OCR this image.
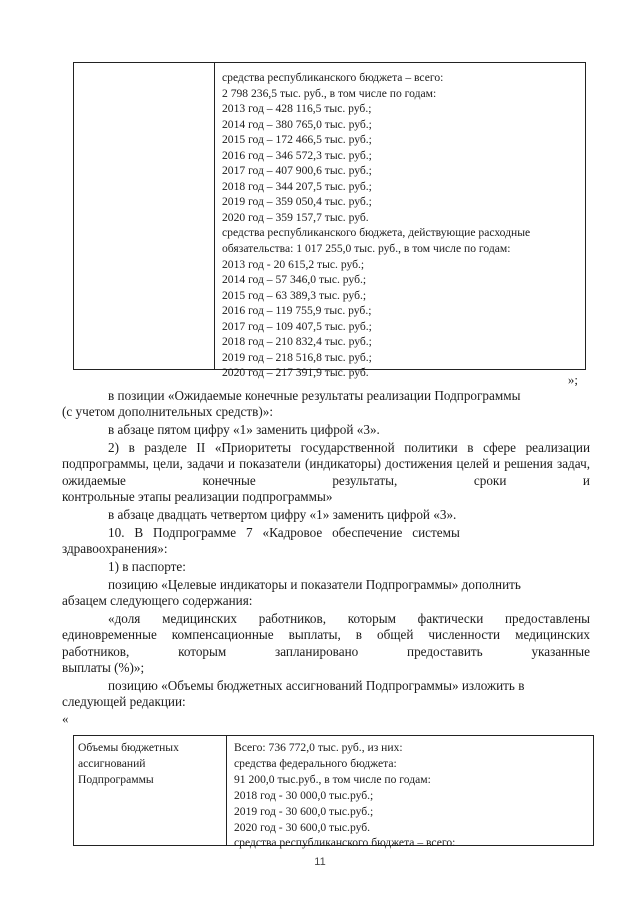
средства республиканского бюджета – всего:
2 798 236,5 тыс. руб., в том числе по годам:
2013 год – 428 116,5 тыс. руб.;
2014 год – 380 765,0 тыс. руб.;
2015 год – 172 466,5 тыс. руб.;
2016 год – 346 572,3 тыс. руб.;
2017 год – 407 900,6 тыс. руб.;
2018 год – 344 207,5 тыс. руб.;
2019 год – 359 050,4 тыс. руб.;
2020 год – 359 157,7 тыс. руб.
средства республиканского бюджета, действующие расходные
обязательства: 1 017 255,0 тыс. руб., в том числе по годам:
2013 год - 20 615,2 тыс. руб.;
2014 год – 57 346,0 тыс. руб.;
2015 год – 63 389,3 тыс. руб.;
2016 год – 119 755,9 тыс. руб.;
2017 год – 109 407,5 тыс. руб.;
2018 год – 210 832,4 тыс. руб.;
2019 год – 218 516,8 тыс. руб.;
2020 год – 217 391,9 тыс. руб.	»;

в позиции «Ожидаемые конечные результаты реализации Подпрограммы
(с учетом дополнительных средств)»:

в абзаце пятом цифру «1» заменить цифрой «3».

2) в разделе II «Приоритеты государственной политики в сфере реализации подпрограммы, цели, задачи и показатели (индикаторы) достижения целей и решения задач, ожидаемые конечные результаты, сроки и

контрольные этапы реализации подпрограммы»

в абзаце двадцать четвертом цифру «1» заменить цифрой «3».

10.   В   Подпрограмме   7   «Кадровое   обеспечение   системы
здравоохранения»:

1) в паспорте:

позицию «Целевые индикаторы и показатели Подпрограммы» дополнить
абзацем следующего содержания:

«доля медицинских работников, которым фактически предоставлены единовременные компенсационные выплаты, в общей численности медицинских работников, которым запланировано предоставить указанные

выплаты (%)»;

позицию «Объемы бюджетных ассигнований Подпрограммы» изложить в
следующей редакции:

«
Объемы бюджетных
ассигнований
Подпрограммы
Всего: 736 772,0 тыс. руб., из них:
средства федерального бюджета:
91 200,0 тыс.руб., в том числе по годам:
2018 год - 30 000,0 тыс.руб.;
2019 год - 30 600,0 тыс.руб.;
2020 год - 30 600,0 тыс.руб.
средства республиканского бюджета – всего:
11
